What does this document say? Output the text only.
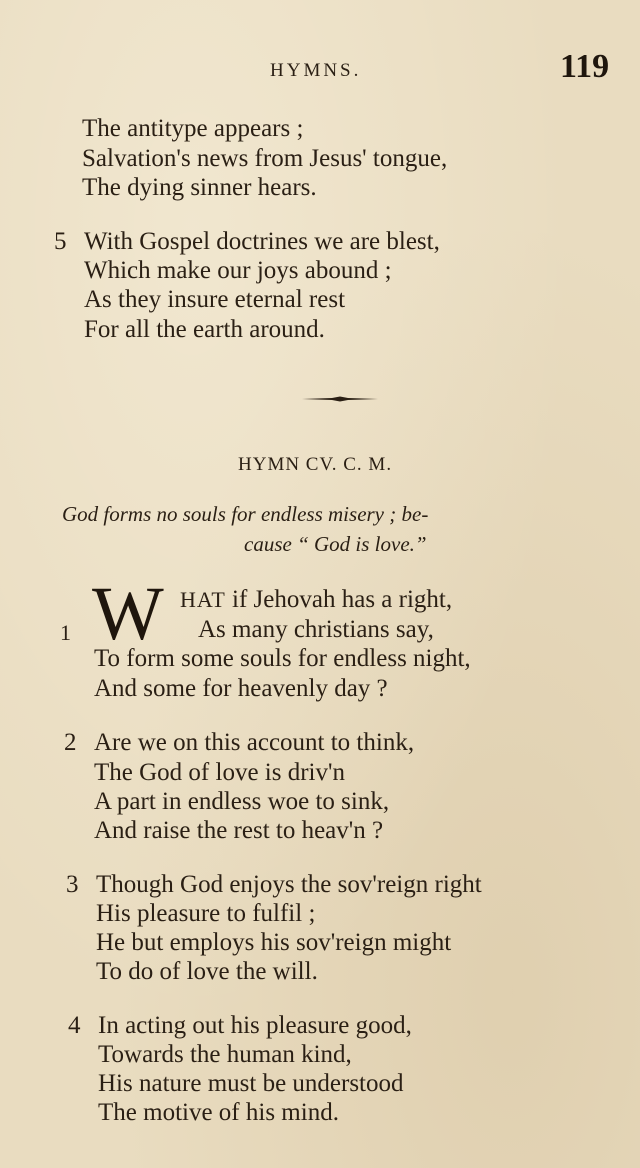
HYMNS.	119
The antitype appears ;
Salvation's news from Jesus' tongue,
The dying sinner hears.
5 With Gospel doctrines we are blest,
Which make our joys abound ;
As they insure eternal rest
For all the earth around.
HYMN CV. C. M.
God forms no souls for endless misery ; be-
cause “ God is love.”
1 W HAT if Jehovah has a right,
As many christians say,
To form some souls for endless night,
And some for heavenly day ?
2 Are we on this account to think,
The God of love is driv'n
A part in endless woe to sink,
And raise the rest to heav'n ?
3 Though God enjoys the sov'reign right
His pleasure to fulfil ;
He but employs his sov'reign might
To do of love the will.
4 In acting out his pleasure good,
Towards the human kind,
His nature must be understood
The motive of his mind.
